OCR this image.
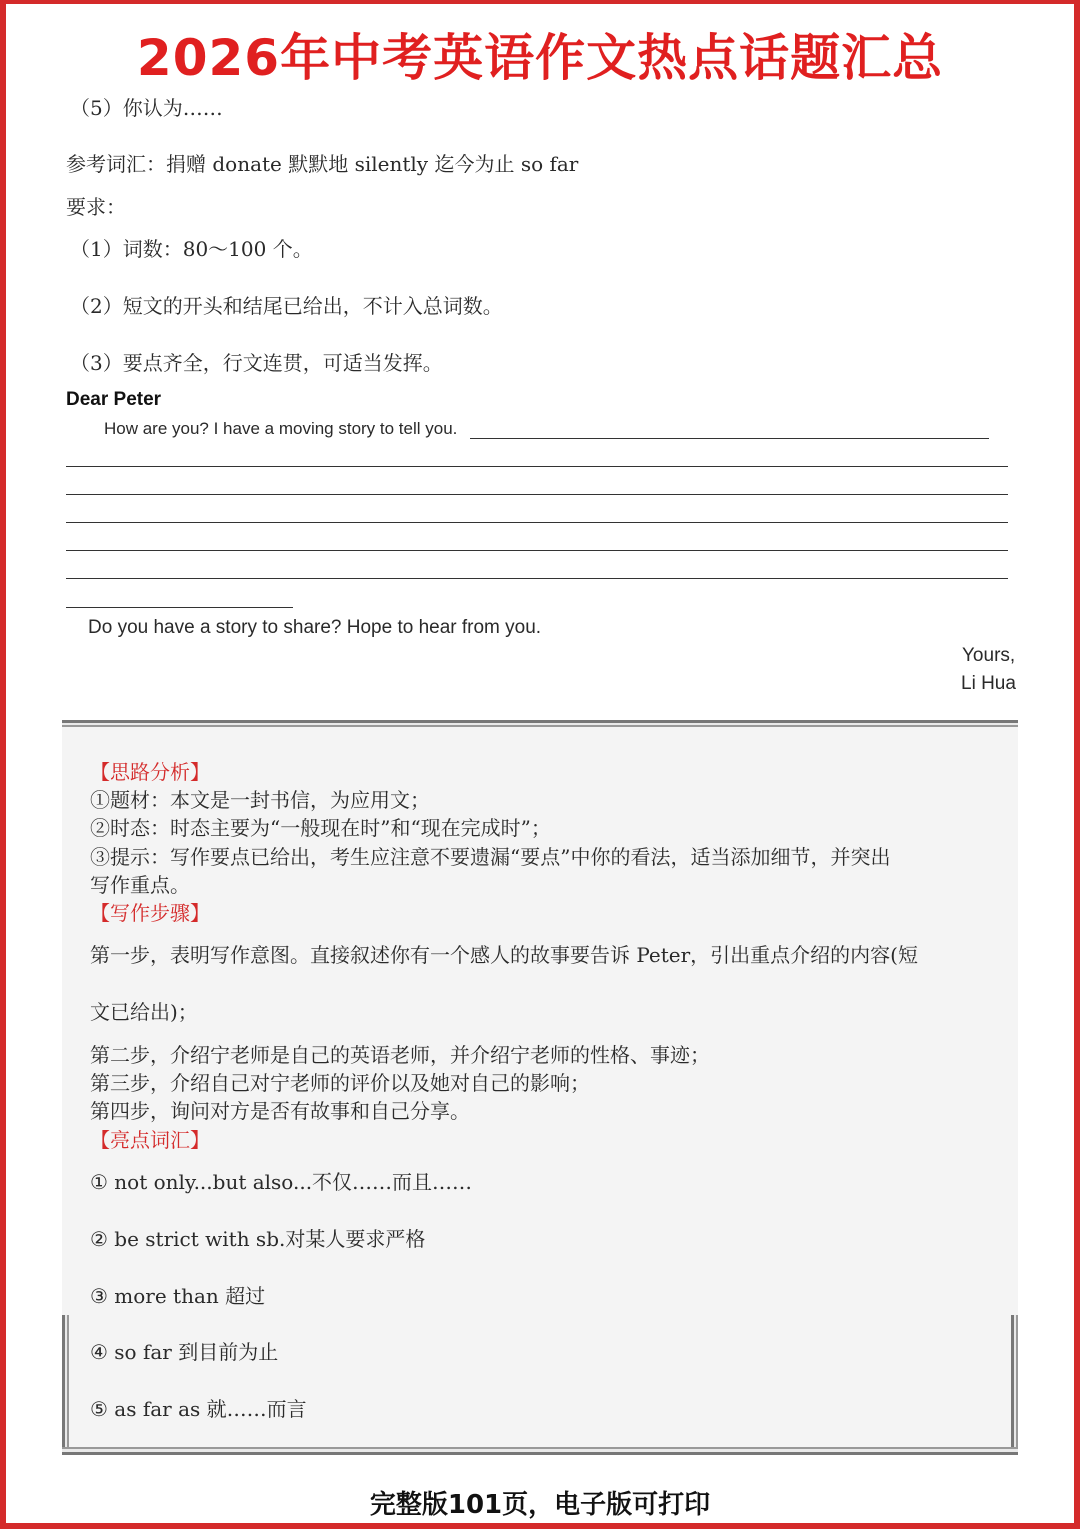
2026年中考英语作文热点话题汇总
（5）你认为……
参考词汇：捐赠 donate 默默地 silently 迄今为止 so far
要求：
（1）词数：80～100 个。
（2）短文的开头和结尾已给出，不计入总词数。
（3）要点齐全，行文连贯，可适当发挥。
Dear Peter
How are you? I have a moving story to tell you.
Do you have a story to share? Hope to hear from you.
Yours,
Li Hua
【思路分析】
①题材：本文是一封书信，为应用文；
②时态：时态主要为“一般现在时”和“现在完成时”；
③提示：写作要点已给出，考生应注意不要遗漏“要点”中你的看法，适当添加细节，并突出
写作重点。
【写作步骤】
第一步，表明写作意图。直接叙述你有一个感人的故事要告诉 Peter，引出重点介绍的内容(短
文已给出)；
第二步，介绍宁老师是自己的英语老师，并介绍宁老师的性格、事迹；
第三步，介绍自己对宁老师的评价以及她对自己的影响；
第四步，询问对方是否有故事和自己分享。
【亮点词汇】
① not only...but also...不仅……而且……
② be strict with sb.对某人要求严格
③ more than 超过
④ so far 到目前为止
⑤ as far as 就……而言
完整版101页，电子版可打印
